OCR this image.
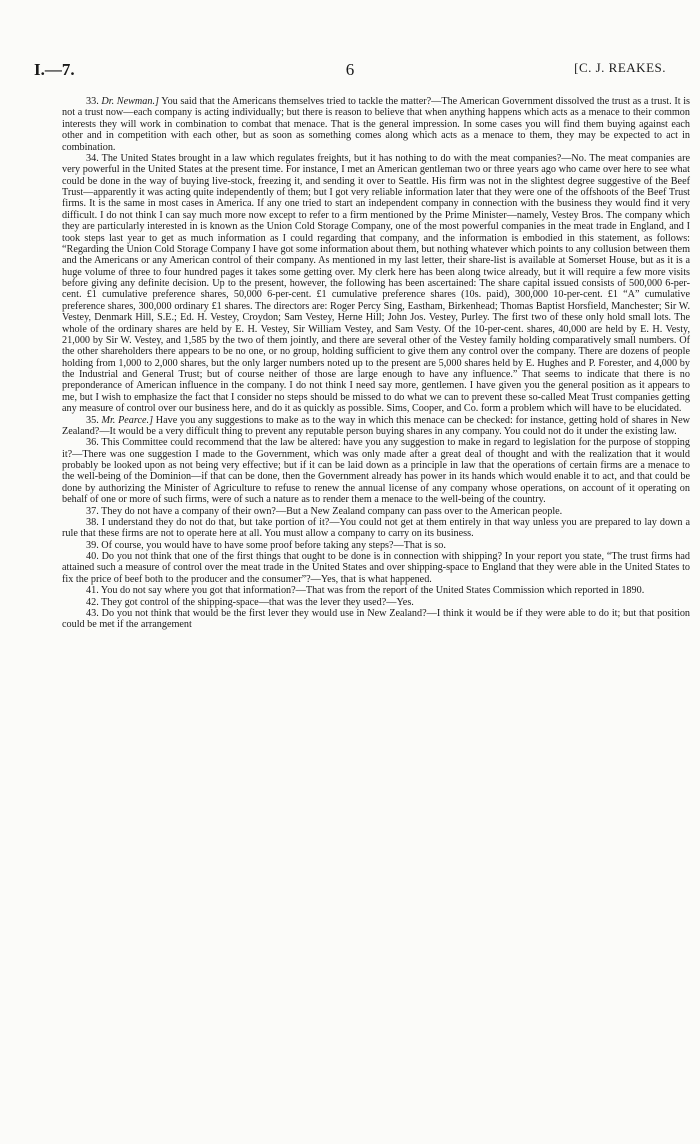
I.—7.	6	[C. J. REAKES.

33. Dr. Newman.] You said that the Americans themselves tried to tackle the matter?—The American Government dissolved the trust as a trust. It is not a trust now—each company is acting individually; but there is reason to believe that when anything happens which acts as a menace to their common interests they will work in combination to combat that menace. That is the general impression. In some cases you will find them buying against each other and in competition with each other, but as soon as something comes along which acts as a menace to them, they may be expected to act in combination.

34. The United States brought in a law which regulates freights, but it has nothing to do with the meat companies?—No. The meat companies are very powerful in the United States at the present time. For instance, I met an American gentleman two or three years ago who came over here to see what could be done in the way of buying live-stock, freezing it, and sending it over to Seattle. His firm was not in the slightest degree suggestive of the Beef Trust—apparently it was acting quite independently of them; but I got very reliable information later that they were one of the offshoots of the Beef Trust firms. It is the same in most cases in America. If any one tried to start an independent company in connection with the business they would find it very difficult. I do not think I can say much more now except to refer to a firm mentioned by the Prime Minister—namely, Vestey Bros. The company which they are particularly interested in is known as the Union Cold Storage Company, one of the most powerful companies in the meat trade in England, and I took steps last year to get as much information as I could regarding that company, and the information is embodied in this statement, as follows: “Regarding the Union Cold Storage Company I have got some information about them, but nothing whatever which points to any collusion between them and the Americans or any American control of their company. As mentioned in my last letter, their share-list is available at Somerset House, but as it is a huge volume of three to four hundred pages it takes some getting over. My clerk here has been along twice already, but it will require a few more visits before giving any definite decision. Up to the present, however, the following has been ascertained: The share capital issued consists of 500,000 6-per-cent. £1 cumulative preference shares, 50,000 6-per-cent. £1 cumulative preference shares (10s. paid), 300,000 10-per-cent. £1 “A” cumulative preference shares, 300,000 ordinary £1 shares. The directors are: Roger Percy Sing, Eastham, Birkenhead; Thomas Baptist Horsfield, Manchester; Sir W. Vestey, Denmark Hill, S.E.; Ed. H. Vestey, Croydon; Sam Vestey, Herne Hill; John Jos. Vestey, Purley. The first two of these only hold small lots. The whole of the ordinary shares are held by E. H. Vestey, Sir William Vestey, and Sam Vesty. Of the 10-per-cent. shares, 40,000 are held by E. H. Vesty, 21,000 by Sir W. Vestey, and 1,585 by the two of them jointly, and there are several other of the Vestey family holding comparatively small numbers. Of the other shareholders there appears to be no one, or no group, holding sufficient to give them any control over the company. There are dozens of people holding from 1,000 to 2,000 shares, but the only larger numbers noted up to the present are 5,000 shares held by E. Hughes and P. Forester, and 4,000 by the Industrial and General Trust; but of course neither of those are large enough to have any influence.” That seems to indicate that there is no preponderance of American influence in the company. I do not think I need say more, gentlemen. I have given you the general position as it appears to me, but I wish to emphasize the fact that I consider no steps should be missed to do what we can to prevent these so-called Meat Trust companies getting any measure of control over our business here, and do it as quickly as possible. Sims, Cooper, and Co. form a problem which will have to be elucidated.

35. Mr. Pearce.] Have you any suggestions to make as to the way in which this menace can be checked: for instance, getting hold of shares in New Zealand?—It would be a very difficult thing to prevent any reputable person buying shares in any company. You could not do it under the existing law.

36. This Committee could recommend that the law be altered: have you any suggestion to make in regard to legislation for the purpose of stopping it?—There was one suggestion I made to the Government, which was only made after a great deal of thought and with the realization that it would probably be looked upon as not being very effective; but if it can be laid down as a principle in law that the operations of certain firms are a menace to the well-being of the Dominion—if that can be done, then the Government already has power in its hands which would enable it to act, and that could be done by authorizing the Minister of Agriculture to refuse to renew the annual license of any company whose operations, on account of it operating on behalf of one or more of such firms, were of such a nature as to render them a menace to the well-being of the country.

37. They do not have a company of their own?—But a New Zealand company can pass over to the American people.

38. I understand they do not do that, but take portion of it?—You could not get at them entirely in that way unless you are prepared to lay down a rule that these firms are not to operate here at all. You must allow a company to carry on its business.

39. Of course, you would have to have some proof before taking any steps?—That is so.

40. Do you not think that one of the first things that ought to be done is in connection with shipping? In your report you state, “The trust firms had attained such a measure of control over the meat trade in the United States and over shipping-space to England that they were able in the United States to fix the price of beef both to the producer and the consumer”?—Yes, that is what happened.

41. You do not say where you got that information?—That was from the report of the United States Commission which reported in 1890.

42. They got control of the shipping-space—that was the lever they used?—Yes.

43. Do you not think that would be the first lever they would use in New Zealand?—I think it would be if they were able to do it; but that position could be met if the arrangement
